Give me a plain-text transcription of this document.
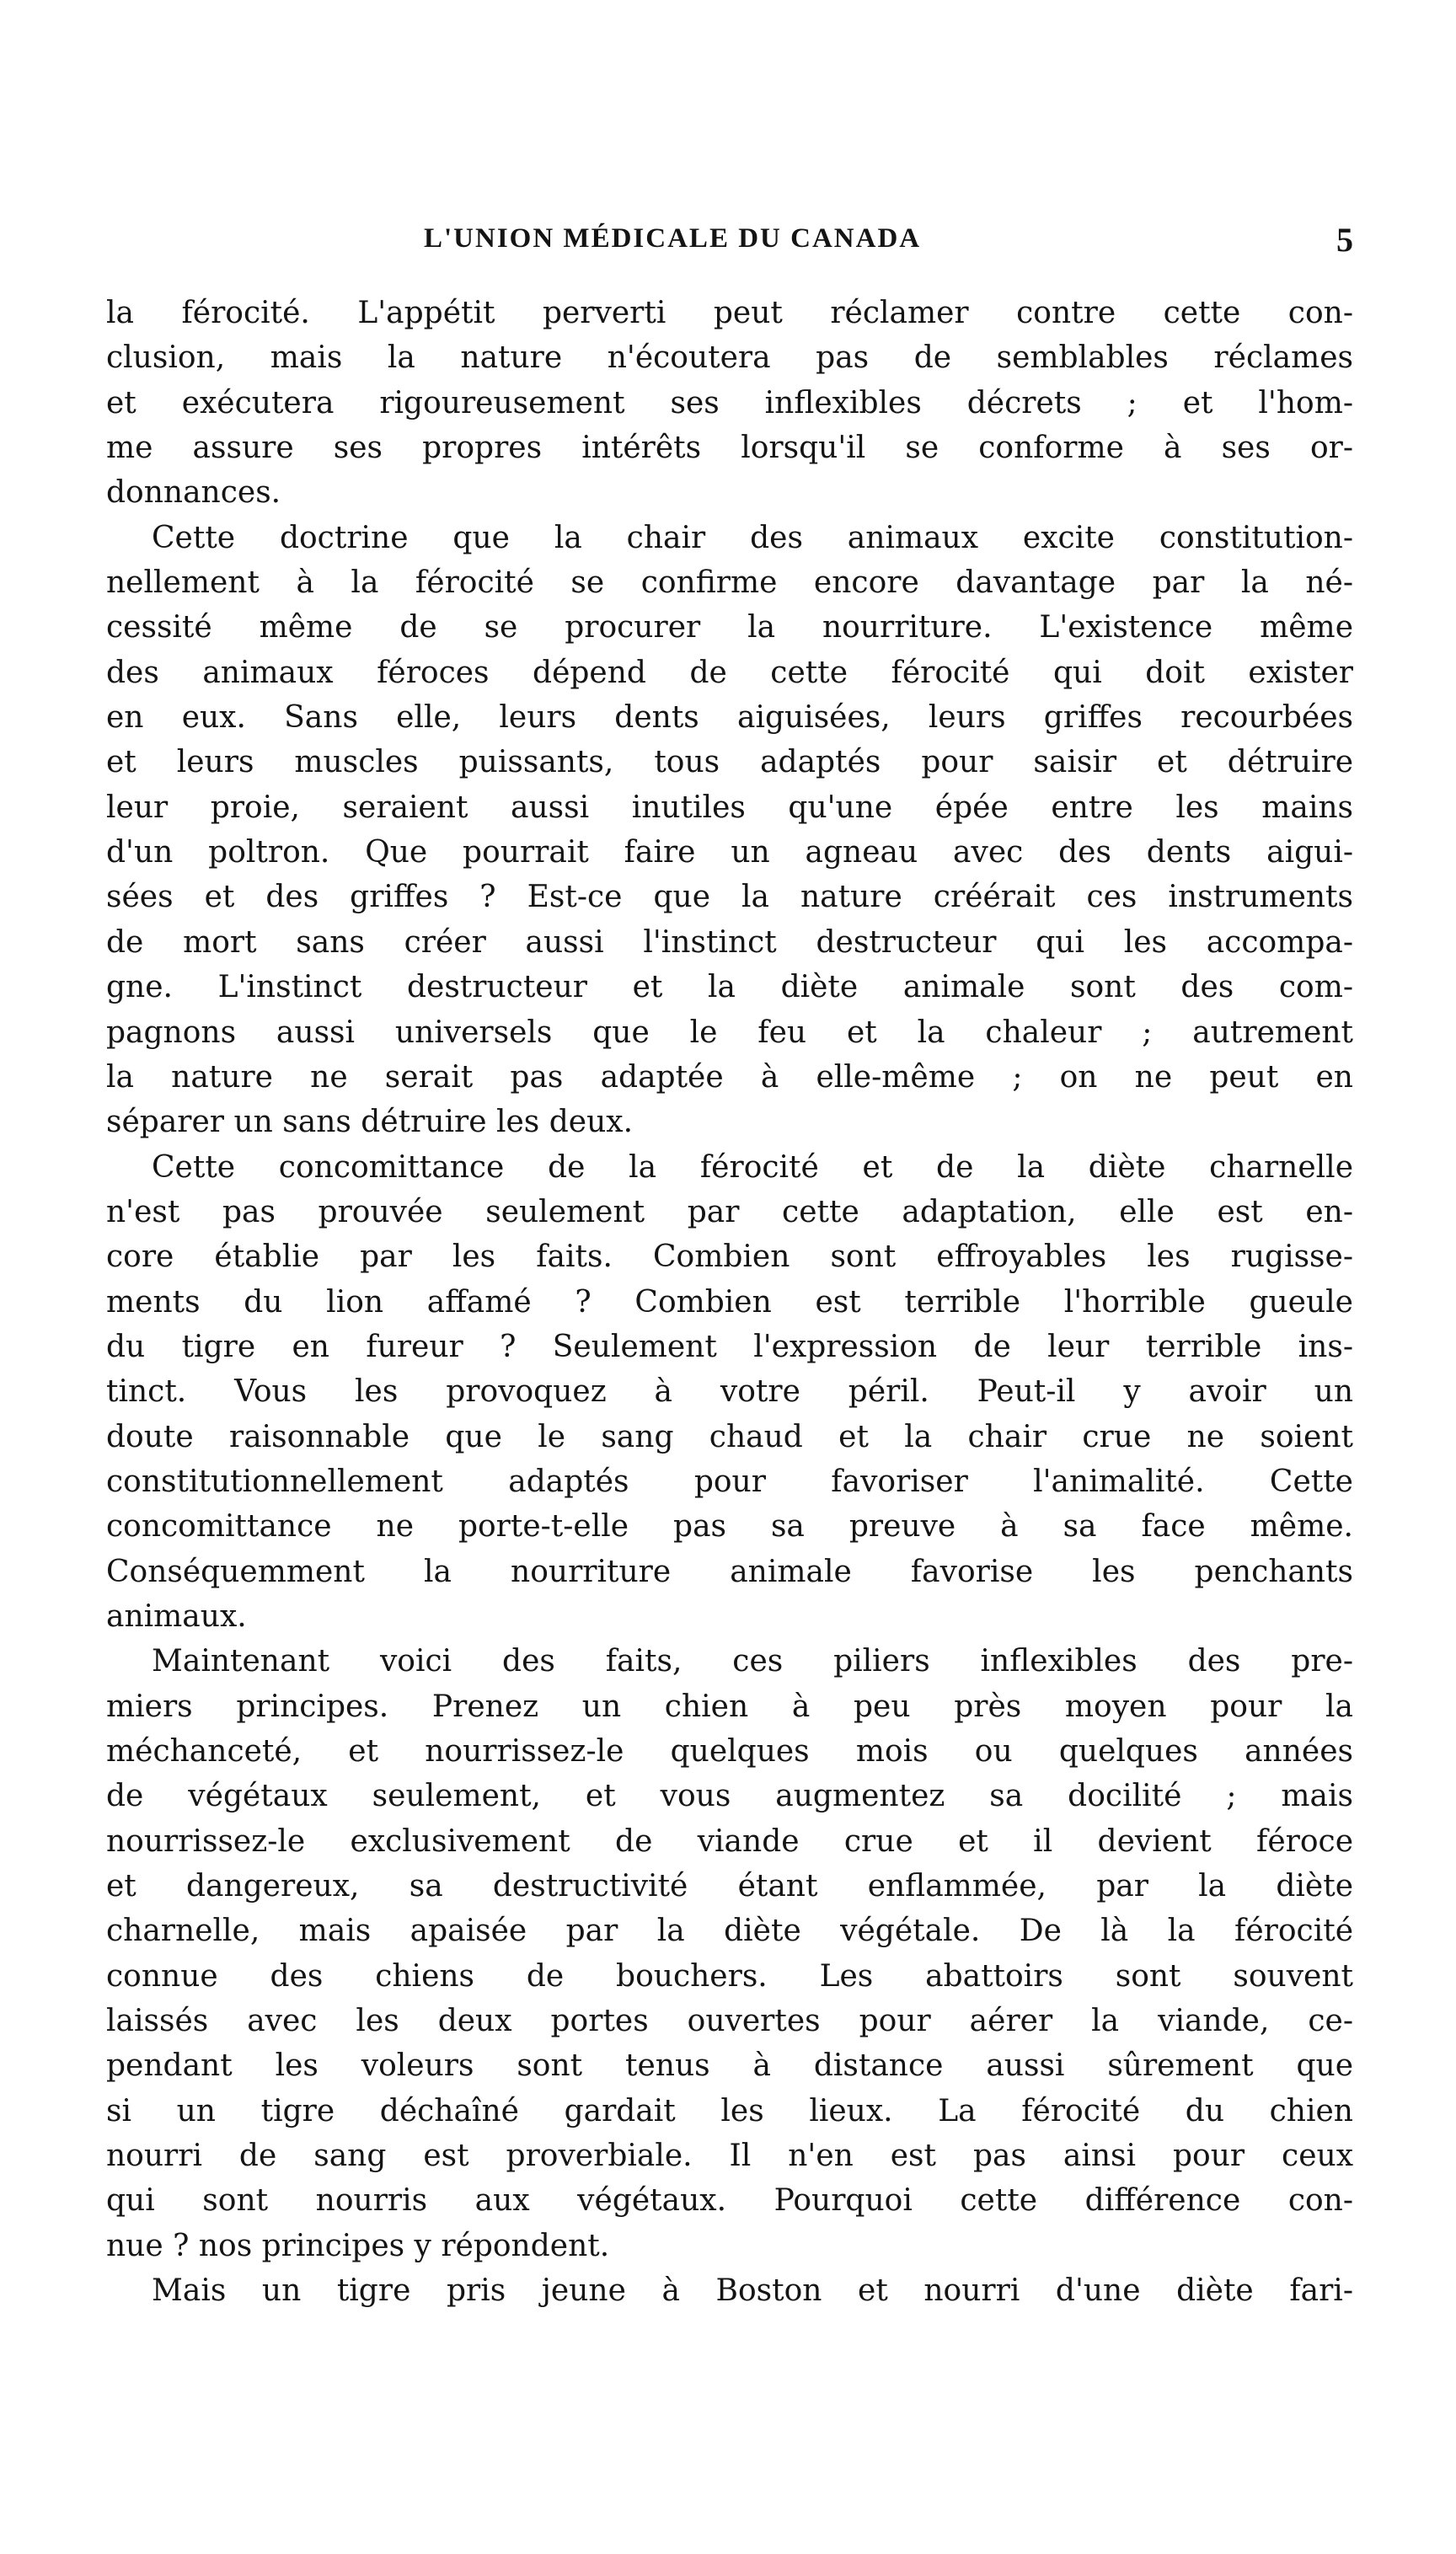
L'UNION MÉDICALE DU CANADA	5
la férocité. L'appétit perverti peut réclamer contre cette con-
clusion, mais la nature n'écoutera pas de semblables réclames
et exécutera rigoureusement ses inflexibles décrets ; et l'hom-
me assure ses propres intérêts lorsqu'il se conforme à ses or-
donnances.
Cette doctrine que la chair des animaux excite constitution-
nellement à la férocité se confirme encore davantage par la né-
cessité même de se procurer la nourriture. L'existence même
des animaux féroces dépend de cette férocité qui doit exister
en eux. Sans elle, leurs dents aiguisées, leurs griffes recourbées
et leurs muscles puissants, tous adaptés pour saisir et détruire
leur proie, seraient aussi inutiles qu'une épée entre les mains
d'un poltron. Que pourrait faire un agneau avec des dents aigui-
sées et des griffes ? Est-ce que la nature créérait ces instruments
de mort sans créer aussi l'instinct destructeur qui les accompa-
gne. L'instinct destructeur et la diète animale sont des com-
pagnons aussi universels que le feu et la chaleur ; autrement
la nature ne serait pas adaptée à elle-même ; on ne peut en
séparer un sans détruire les deux.
Cette concomittance de la férocité et de la diète charnelle
n'est pas prouvée seulement par cette adaptation, elle est en-
core établie par les faits. Combien sont effroyables les rugisse-
ments du lion affamé ? Combien est terrible l'horrible gueule
du tigre en fureur ? Seulement l'expression de leur terrible ins-
tinct. Vous les provoquez à votre péril. Peut-il y avoir un
doute raisonnable que le sang chaud et la chair crue ne soient
constitutionnellement adaptés pour favoriser l'animalité. Cette
concomittance ne porte-t-elle pas sa preuve à sa face même.
Conséquemment la nourriture animale favorise les penchants
animaux.
Maintenant voici des faits, ces piliers inflexibles des pre-
miers principes. Prenez un chien à peu près moyen pour la
méchanceté, et nourrissez-le quelques mois ou quelques années
de végétaux seulement, et vous augmentez sa docilité ; mais
nourrissez-le exclusivement de viande crue et il devient féroce
et dangereux, sa destructivité étant enflammée, par la diète
charnelle, mais apaisée par la diète végétale. De là la férocité
connue des chiens de bouchers. Les abattoirs sont souvent
laissés avec les deux portes ouvertes pour aérer la viande, ce-
pendant les voleurs sont tenus à distance aussi sûrement que
si un tigre déchaîné gardait les lieux. La férocité du chien
nourri de sang est proverbiale. Il n'en est pas ainsi pour ceux
qui sont nourris aux végétaux. Pourquoi cette différence con-
nue ? nos principes y répondent.
Mais un tigre pris jeune à Boston et nourri d'une diète fari-
